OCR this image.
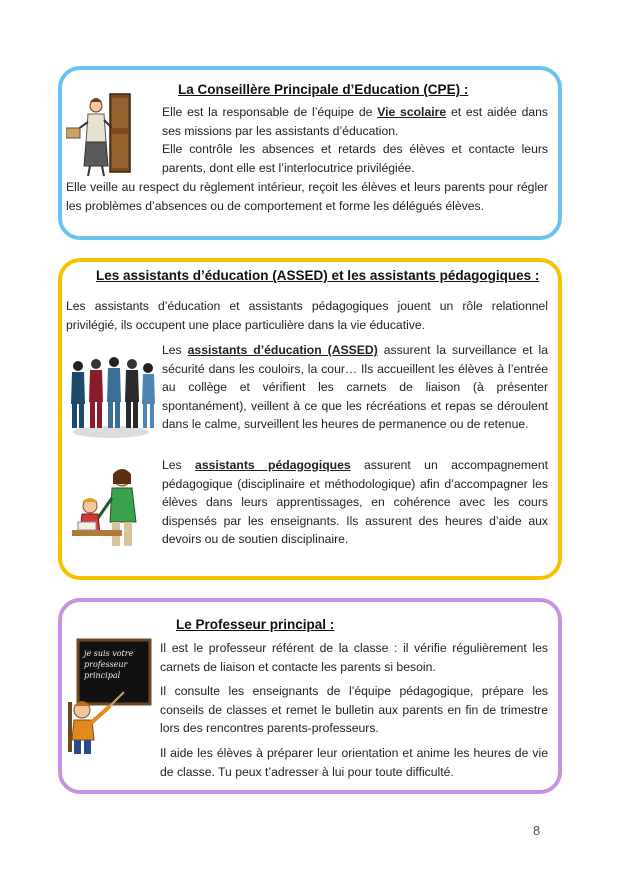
La Conseillère Principale d’Education (CPE) :

Elle est la responsable de l’équipe de Vie scolaire et est aidée dans ses missions par les assistants d’éducation.

Elle contrôle les absences et retards des élèves et contacte leurs parents, dont elle est l’interlocutrice privilégiée.

Elle veille au respect du règlement intérieur, reçoit les élèves et leurs parents pour régler les problèmes d’absences ou de comportement et forme les délégués élèves.

Les assistants d’éducation (ASSED) et les assistants pédagogiques :

Les assistants d’éducation et assistants pédagogiques jouent un rôle relationnel privilégié, ils occupent une place particulière dans la vie éducative.

Les assistants d’éducation (ASSED) assurent la surveillance et la sécurité dans les couloirs, la cour… Ils accueillent les élèves à l’entrée au collège et vérifient les carnets de liaison (à présenter spontanément), veillent à ce que les récréations et repas se déroulent dans le calme, surveillent les heures de permanence ou de retenue.

Les assistants pédagogiques assurent un accompagnement pédagogique (disciplinaire et méthodologique) afin d’accompagner les élèves dans leurs apprentissages, en cohérence avec les cours dispensés par les enseignants. Ils assurent des heures d’aide aux devoirs ou de soutien disciplinaire.

Le Professeur principal :
je suis votre professeur principal

Il est le professeur référent de la classe : il vérifie régulièrement les carnets de liaison et contacte les parents si besoin.

Il consulte les enseignants de l’équipe pédagogique, prépare les conseils de classes et remet le bulletin aux parents en fin de trimestre lors des rencontres parents-professeurs.

Il aide les élèves à préparer leur orientation et anime les heures de vie de classe. Tu peux t’adresser à lui pour toute difficulté.

8
